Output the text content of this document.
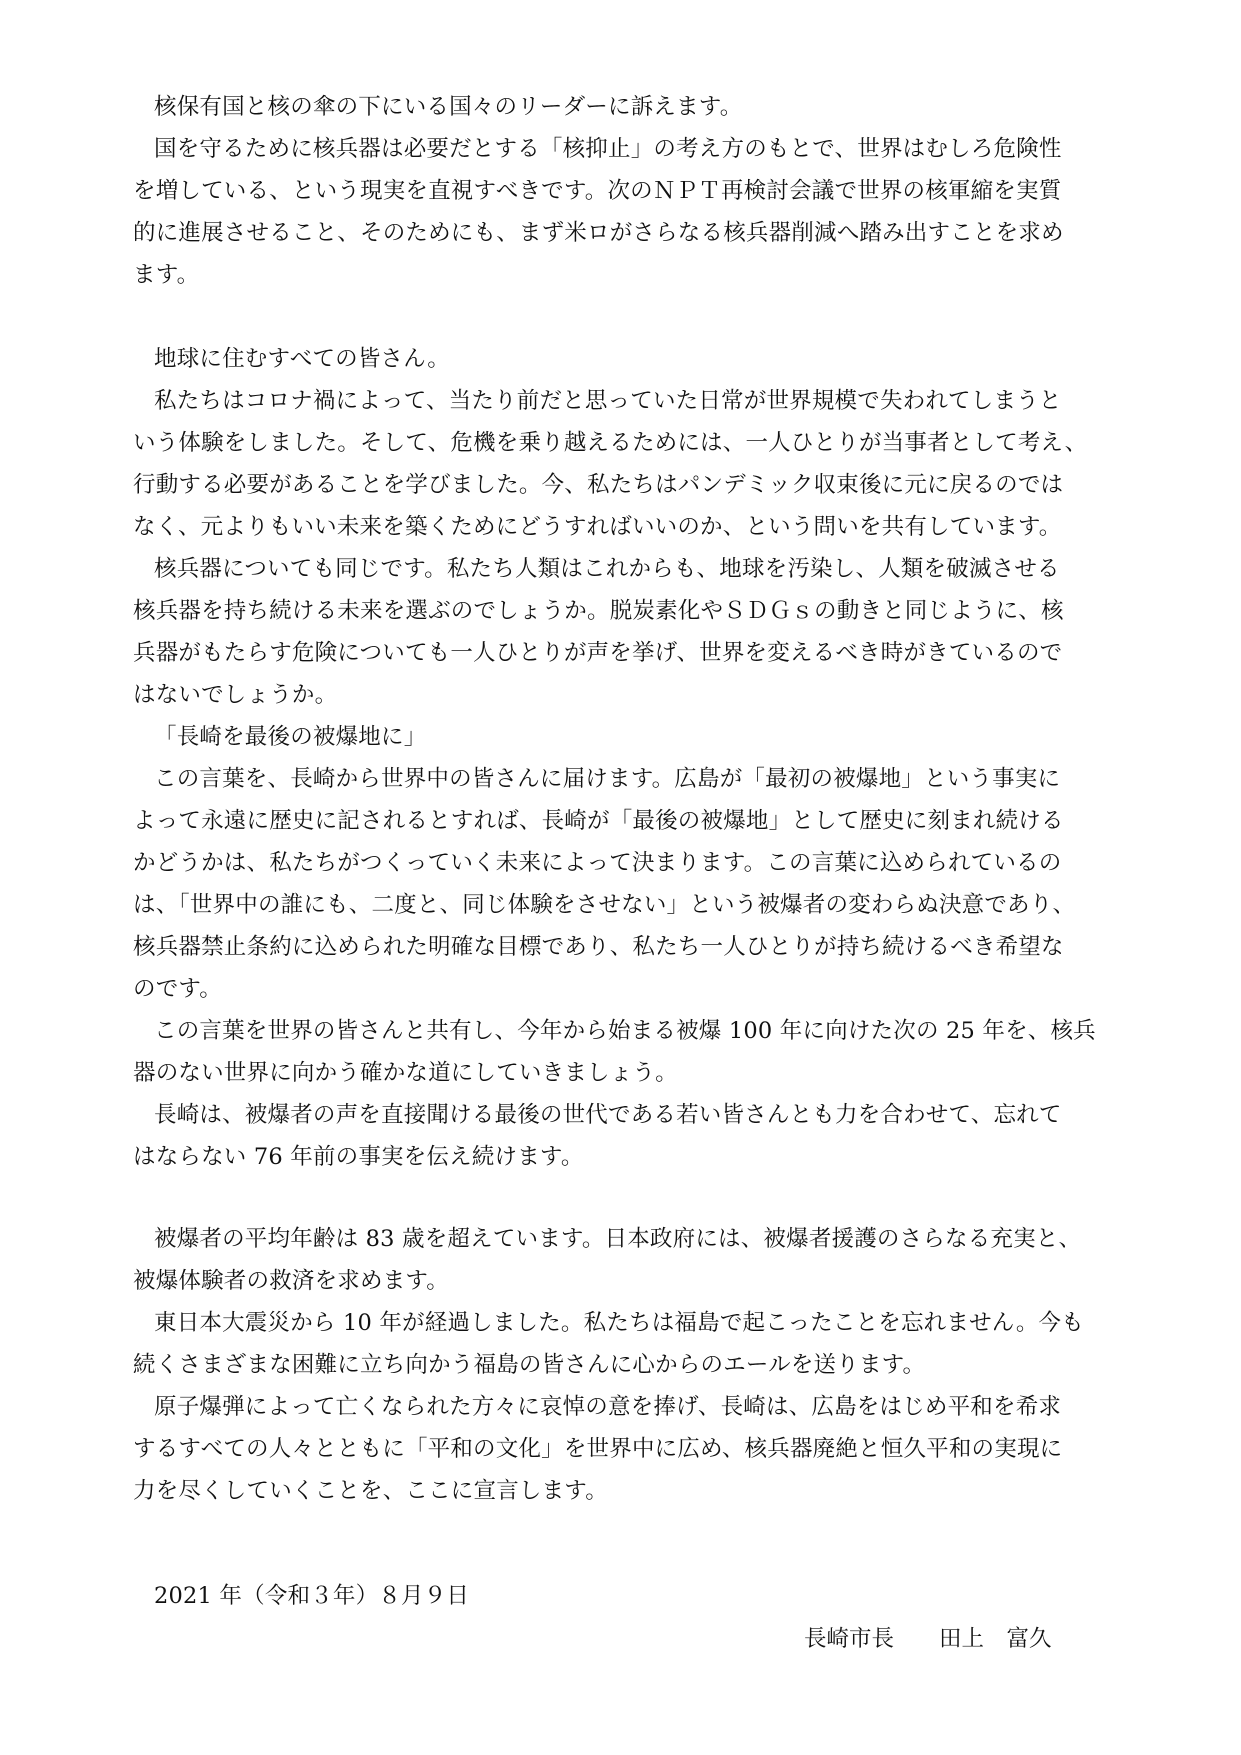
核保有国と核の傘の下にいる国々のリーダーに訴えます。

国を守るために核兵器は必要だとする「核抑止」の考え方のもとで、世界はむしろ危険性

を増している、という現実を直視すべきです。次のＮＰＴ再検討会議で世界の核軍縮を実質

的に進展させること、そのためにも、まず米ロがさらなる核兵器削減へ踏み出すことを求め

ます。

地球に住むすべての皆さん。

私たちはコロナ禍によって、当たり前だと思っていた日常が世界規模で失われてしまうと

いう体験をしました。そして、危機を乗り越えるためには、一人ひとりが当事者として考え、

行動する必要があることを学びました。今、私たちはパンデミック収束後に元に戻るのでは

なく、元よりもいい未来を築くためにどうすればいいのか、という問いを共有しています。

核兵器についても同じです。私たち人類はこれからも、地球を汚染し、人類を破滅させる

核兵器を持ち続ける未来を選ぶのでしょうか。脱炭素化やＳＤＧｓの動きと同じように、核

兵器がもたらす危険についても一人ひとりが声を挙げ、世界を変えるべき時がきているので

はないでしょうか。

「長崎を最後の被爆地に」

この言葉を、長崎から世界中の皆さんに届けます。広島が「最初の被爆地」という事実に

よって永遠に歴史に記されるとすれば、長崎が「最後の被爆地」として歴史に刻まれ続ける

かどうかは、私たちがつくっていく未来によって決まります。この言葉に込められているの

は、「世界中の誰にも、二度と、同じ体験をさせない」という被爆者の変わらぬ決意であり、

核兵器禁止条約に込められた明確な目標であり、私たち一人ひとりが持ち続けるべき希望な

のです。

この言葉を世界の皆さんと共有し、今年から始まる被爆 100 年に向けた次の 25 年を、核兵

器のない世界に向かう確かな道にしていきましょう。

長崎は、被爆者の声を直接聞ける最後の世代である若い皆さんとも力を合わせて、忘れて

はならない 76 年前の事実を伝え続けます。

被爆者の平均年齢は 83 歳を超えています。日本政府には、被爆者援護のさらなる充実と、

被爆体験者の救済を求めます。

東日本大震災から 10 年が経過しました。私たちは福島で起こったことを忘れません。今も

続くさまざまな困難に立ち向かう福島の皆さんに心からのエールを送ります。

原子爆弾によって亡くなられた方々に哀悼の意を捧げ、長崎は、広島をはじめ平和を希求

するすべての人々とともに「平和の文化」を世界中に広め、核兵器廃絶と恒久平和の実現に

力を尽くしていくことを、ここに宣言します。

2021 年（令和３年）８月９日

長崎市長　　 田上　富久
